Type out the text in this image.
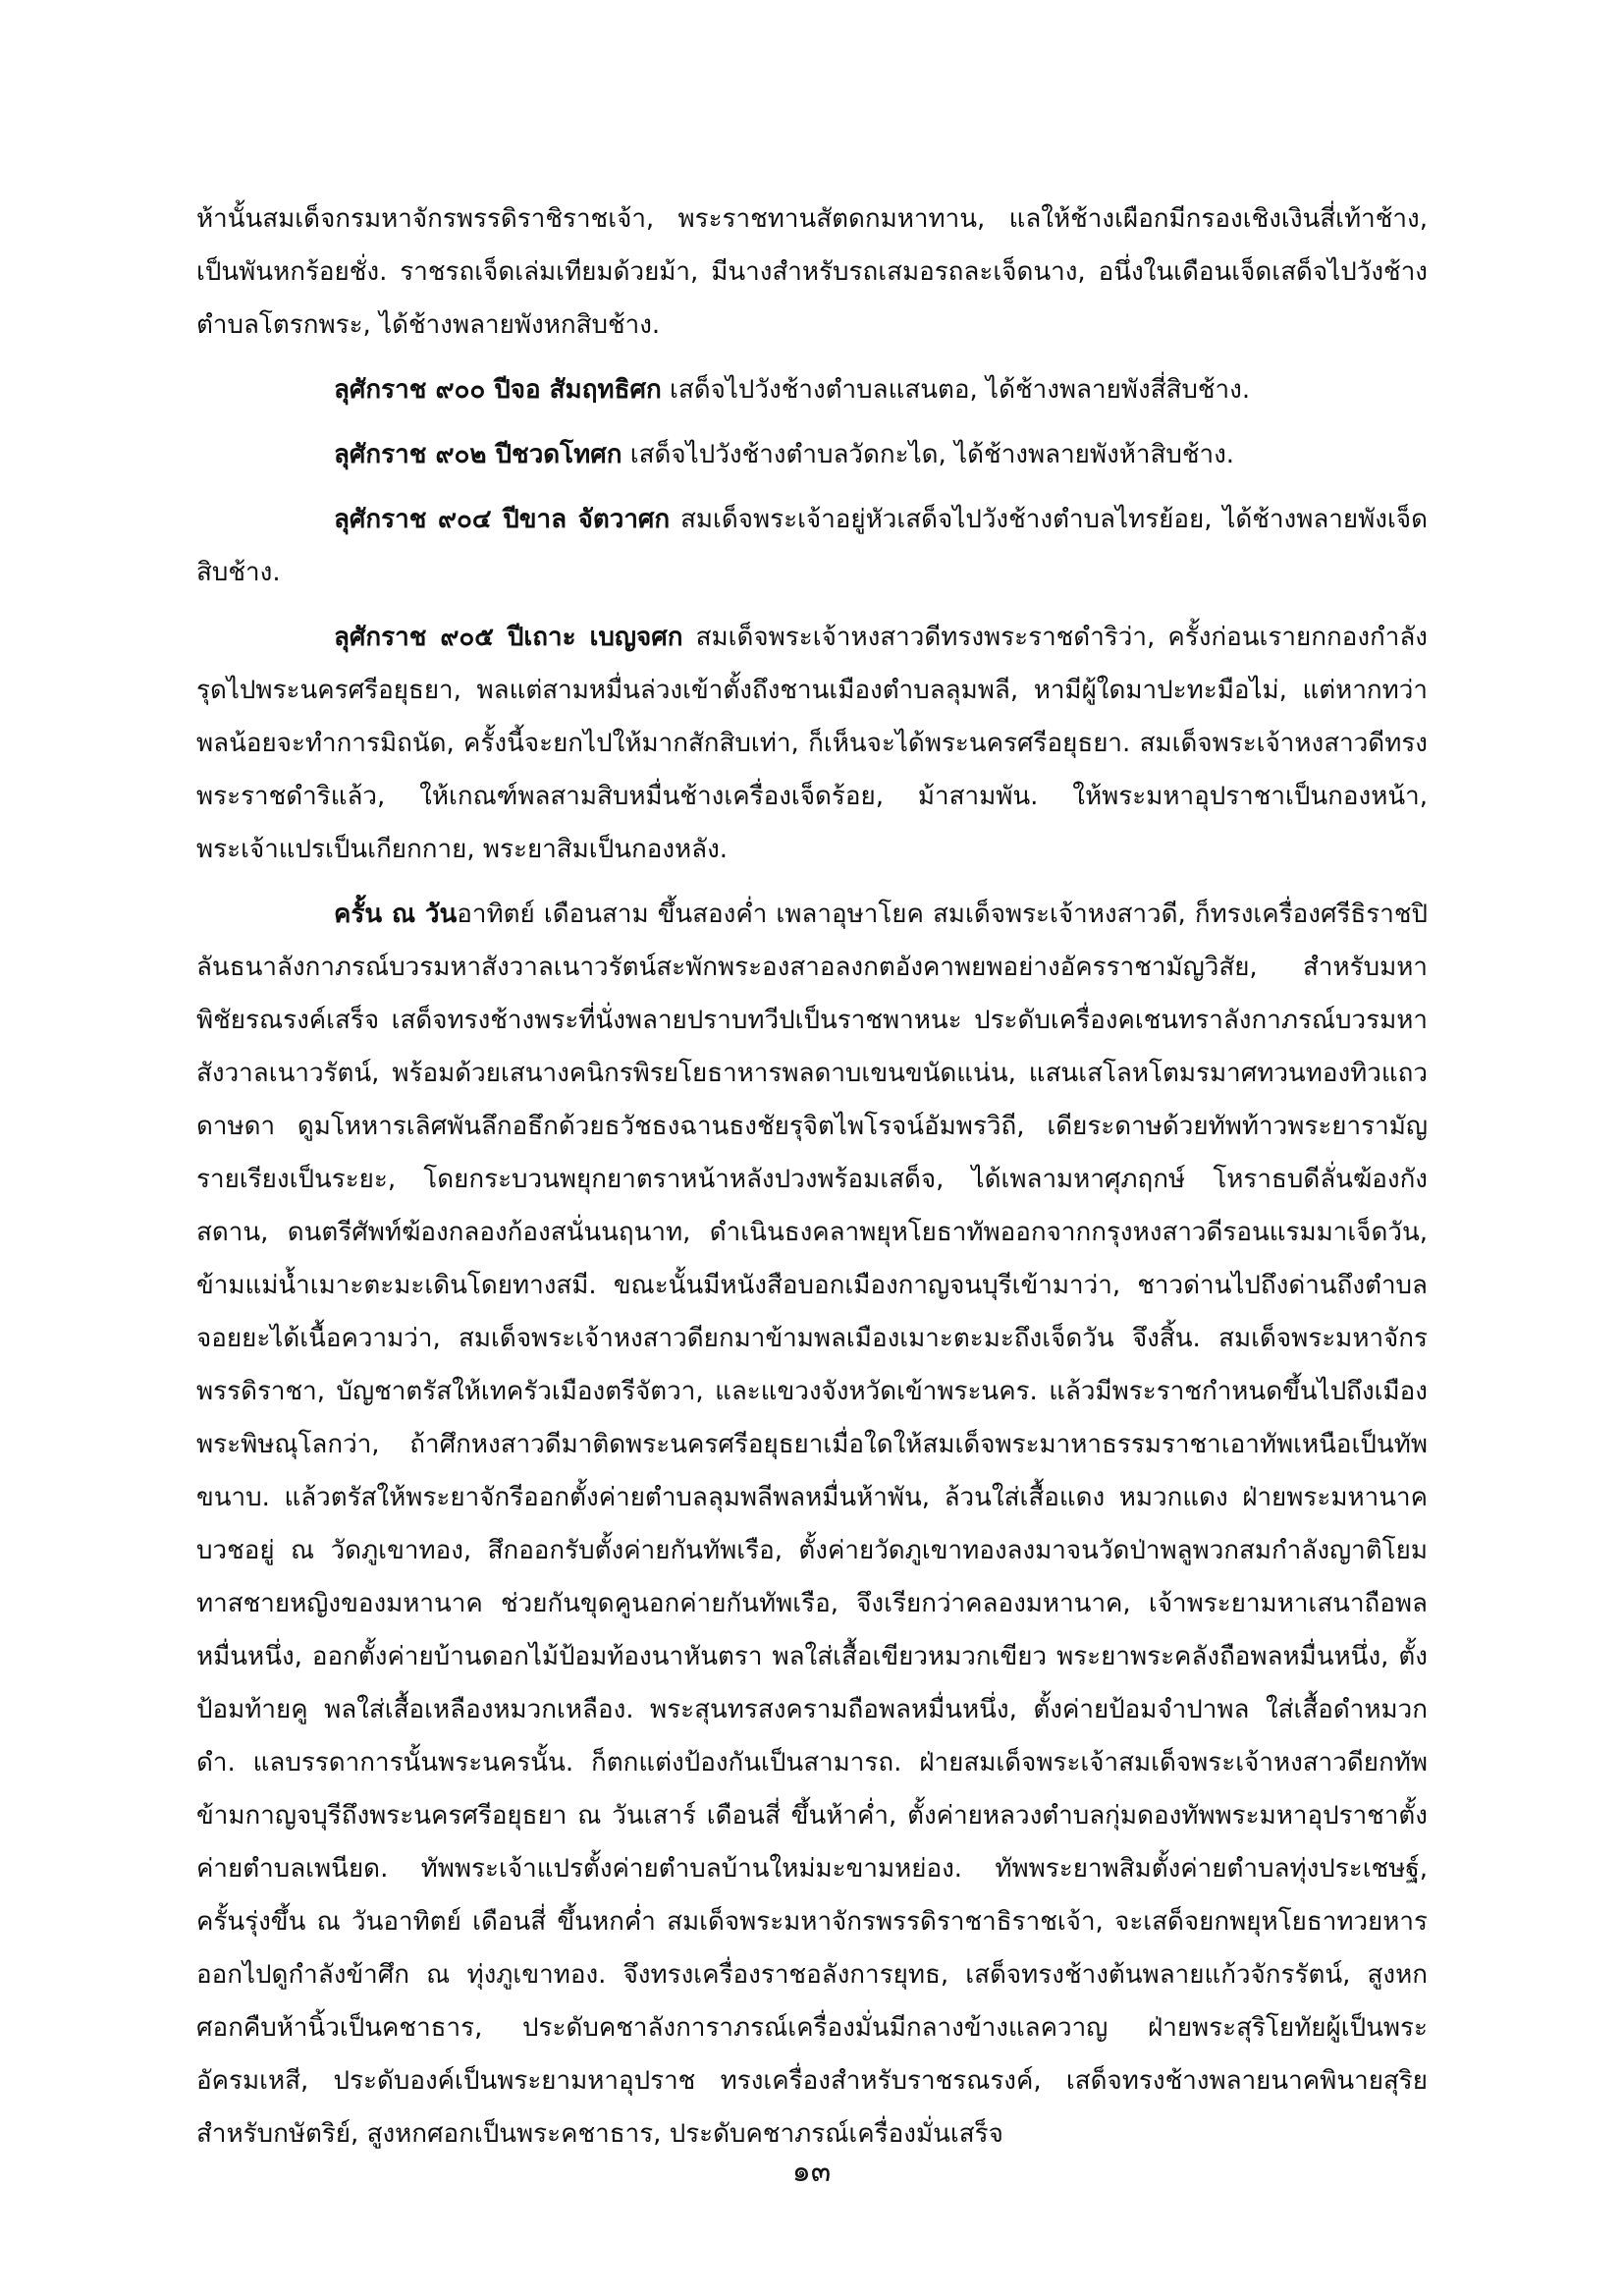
ห้านั้นสมเด็จกรมหาจักรพรรดิราชิราชเจ้า, พระราชทานสัตดกมหาทาน, แลให้ช้างเผือกมีกรองเชิงเงินสี่เท้าช้าง, เป็นพันหกร้อยชั่ง. ราชรถเจ็ดเล่มเทียมด้วยม้า, มีนางสำหรับรถเสมอรถละเจ็ดนาง, อนึ่งในเดือนเจ็ดเสด็จไปวังช้างตำบลโตรกพระ, ได้ช้างพลายพังหกสิบช้าง.

ลุศักราช ๙๐๐ ปีจอ สัมฤทธิศก เสด็จไปวังช้างตำบลแสนตอ, ได้ช้างพลายพังสี่สิบช้าง.

ลุศักราช ๙๐๒ ปีชวดโทศก เสด็จไปวังช้างตำบลวัดกะได, ได้ช้างพลายพังห้าสิบช้าง.

ลุศักราช ๙๐๔ ปีขาล จัตวาศก สมเด็จพระเจ้าอยู่หัวเสด็จไปวังช้างตำบลไทรย้อย, ได้ช้างพลายพังเจ็ดสิบช้าง.

ลุศักราช ๙๐๕ ปีเถาะ เบญจศก สมเด็จพระเจ้าหงสาวดีทรงพระราชดำริว่า, ครั้งก่อนเรายกกองกำลังรุดไปพระนครศรีอยุธยา, พลแต่สามหมื่นล่วงเข้าตั้งถึงชานเมืองตำบลลุมพลี, หามีผู้ใดมาปะทะมือไม่, แต่หากทว่าพลน้อยจะทำการมิถนัด, ครั้งนี้จะยกไปให้มากสักสิบเท่า, ก็เห็นจะได้พระนครศรีอยุธยา. สมเด็จพระเจ้าหงสาวดีทรงพระราชดำริแล้ว, ให้เกณฑ์พลสามสิบหมื่นช้างเครื่องเจ็ดร้อย, ม้าสามพัน. ให้พระมหาอุปราชาเป็นกองหน้า, พระเจ้าแปรเป็นเกียกกาย, พระยาสิมเป็นกองหลัง.

ครั้น ณ วันอาทิตย์ เดือนสาม ขึ้นสองค่ำ เพลาอุษาโยค สมเด็จพระเจ้าหงสาวดี, ก็ทรงเครื่องศรีธิราชปิลันธนาลังกาภรณ์บวรมหาสังวาลเนาวรัตน์สะพักพระองสาอลงกตอังคาพยพอย่างอัครราชามัญวิสัย, สำหรับมหาพิชัยรณรงค์เสร็จ เสด็จทรงช้างพระที่นั่งพลายปราบทวีปเป็นราชพาหนะ ประดับเครื่องคเชนทราลังกาภรณ์บวรมหาสังวาลเนาวรัตน์, พร้อมด้วยเสนางคนิกรพิรยโยธาหารพลดาบเขนขนัดแน่น, แสนเสโลหโตมรมาศทวนทองทิวแถวดาษดา ดูมโหหารเลิศพันลึกอธึกด้วยธวัชธงฉานธงชัยรุจิตไพโรจน์อัมพรวิถี, เดียระดาษด้วยทัพท้าวพระยารามัญรายเรียงเป็นระยะ, โดยกระบวนพยุกยาตราหน้าหลังปวงพร้อมเสด็จ, ได้เพลามหาศุภฤกษ์ โหราธบดีลั่นฆ้องกังสดาน, ดนตรีศัพท์ฆ้องกลองก้องสนั่นนฤนาท, ดำเนินธงคลาพยุหโยธาทัพออกจากกรุงหงสาวดีรอนแรมมาเจ็ดวัน, ข้ามแม่น้ำเมาะตะมะเดินโดยทางสมี. ขณะนั้นมีหนังสือบอกเมืองกาญจนบุรีเข้ามาว่า, ชาวด่านไปถึงด่านถึงตำบลจอยยะได้เนื้อความว่า, สมเด็จพระเจ้าหงสาวดียกมาข้ามพลเมืองเมาะตะมะถึงเจ็ดวัน จึงสิ้น. สมเด็จพระมหาจักรพรรดิราชา, บัญชาตรัสให้เทครัวเมืองตรีจัตวา, และแขวงจังหวัดเข้าพระนคร. แล้วมีพระราชกำหนดขึ้นไปถึงเมืองพระพิษณุโลกว่า, ถ้าศึกหงสาวดีมาติดพระนครศรีอยุธยาเมื่อใดให้สมเด็จพระมาหาธรรมราชาเอาทัพเหนือเป็นทัพขนาบ. แล้วตรัสให้พระยาจักรีออกตั้งค่ายตำบลลุมพลีพลหมื่นห้าพัน, ล้วนใส่เสื้อแดง หมวกแดง ฝ่ายพระมหานาคบวชอยู่ ณ วัดภูเขาทอง, สึกออกรับตั้งค่ายกันทัพเรือ, ตั้งค่ายวัดภูเขาทองลงมาจนวัดป่าพลูพวกสมกำลังญาติโยมทาสชายหญิงของมหานาค ช่วยกันขุดคูนอกค่ายกันทัพเรือ, จึงเรียกว่าคลองมหานาค, เจ้าพระยามหาเสนาถือพลหมื่นหนึ่ง, ออกตั้งค่ายบ้านดอกไม้ป้อมท้องนาหันตรา พลใส่เสื้อเขียวหมวกเขียว พระยาพระคลังถือพลหมื่นหนึ่ง, ตั้งป้อมท้ายคู พลใส่เสื้อเหลืองหมวกเหลือง. พระสุนทรสงครามถือพลหมื่นหนึ่ง, ตั้งค่ายป้อมจำปาพล ใส่เสื้อดำหมวกดำ. แลบรรดาการนั้นพระนครนั้น. ก็ตกแต่งป้องกันเป็นสามารถ. ฝ่ายสมเด็จพระเจ้าสมเด็จพระเจ้าหงสาวดียกทัพข้ามกาญจบุรีถึงพระนครศรีอยุธยา ณ วันเสาร์ เดือนสี่ ขึ้นห้าค่ำ, ตั้งค่ายหลวงตำบลกุ่มดองทัพพระมหาอุปราชาตั้งค่ายตำบลเพนียด. ทัพพระเจ้าแปรตั้งค่ายตำบลบ้านใหม่มะขามหย่อง. ทัพพระยาพสิมตั้งค่ายตำบลทุ่งประเชษฐ์, ครั้นรุ่งขึ้น ณ วันอาทิตย์ เดือนสี่ ขึ้นหกค่ำ สมเด็จพระมหาจักรพรรดิราชาธิราชเจ้า, จะเสด็จยกพยุหโยธาทวยหารออกไปดูกำลังข้าศึก ณ ทุ่งภูเขาทอง. จึงทรงเครื่องราชอลังการยุทธ, เสด็จทรงช้างต้นพลายแก้วจักรรัตน์, สูงหกศอกคืบห้านิ้วเป็นคชาธาร, ประดับคชาลังการาภรณ์เครื่องมั่นมีกลางข้างแลควาญ ฝ่ายพระสุริโยทัยผู้เป็นพระอัครมเหสี, ประดับองค์เป็นพระยามหาอุปราช ทรงเครื่องสำหรับราชรณรงค์, เสด็จทรงช้างพลายนาคพินายสุริยสำหรับกษัตริย์, สูงหกศอกเป็นพระคชาธาร, ประดับคชาภรณ์เครื่องมั่นเสร็จ

๑๓
